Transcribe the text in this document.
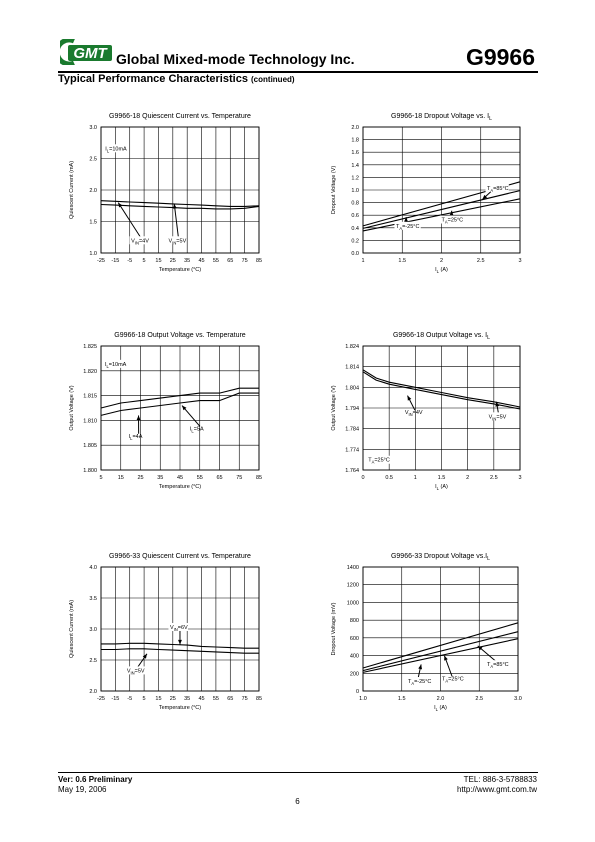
GMT Global Mixed-mode Technology Inc.	G9966
Typical Performance Characteristics (continued)
G9966-18 Quiescent Current vs. Temperature
1.0
1.5
2.0
2.5
3.0
-25 -15 -5 5 15 25 35 45 55 65 75 85
Temperature (°C)
Quiescent Current (mA)
$I_L=10mA$
$V_{IN}=4V$	$V_{IN}=5V$
G9966-18 Dropout Voltage vs. $I_L$
0.0
0.2
0.4
0.6
0.8
1.0
1.2
1.4
1.6
1.8
2.0
1	1.5	2	2.5	3
$I_L$ (A)
Dropout Voltage (V)
$T_A=-25^\circ C$
$T_A=25^\circ C$
$T_A=85^\circ C$
G9966-18 Output Voltage vs. Temperature
1.800
1.805
1.810
1.815
1.820
1.825
5	15 25 35 45 55 65 75 85
Temperature (°C)
Output Voltage (V)
$I_L=10mA$
$I_L=4A$
$I_L=5A$
G9966-18 Output Voltage vs. $I_L$
1.764
1.774
1.784
1.794
1.804
1.814
1.824
0	0.5	1	1.5	2	2.5	3
$I_L$ (A)
Output Voltage (V)	$V_{IN}=4V$
$V_{IN}=5V$
$T_A=25^\circ C$
G9966-33 Quiescent Current vs. Temperature
2.0
2.5
3.0
3.5
4.0
-25 -15 -5 5 15 25 35 45 55 65 75 85
Temperature (°C)
Quiescent Current (mA)	$V_{IN}=6V$
$V_{IN}=5V$
G9966-33 Dropout Voltage $vs.I_L$
0
200
400
600
800
1000
1200
1400
1.0	1.5	2.0	2.5	3.0
$I_L$ (A)
Dropout Voltage (mV)
$T_A=-25^\circ C$ $T_A=25^\circ C$
$T_A=85^\circ C$
Ver: 0.6 Preliminary
May 19, 2006
TEL: 886-3-5788833
http://www.gmt.com.tw
6
